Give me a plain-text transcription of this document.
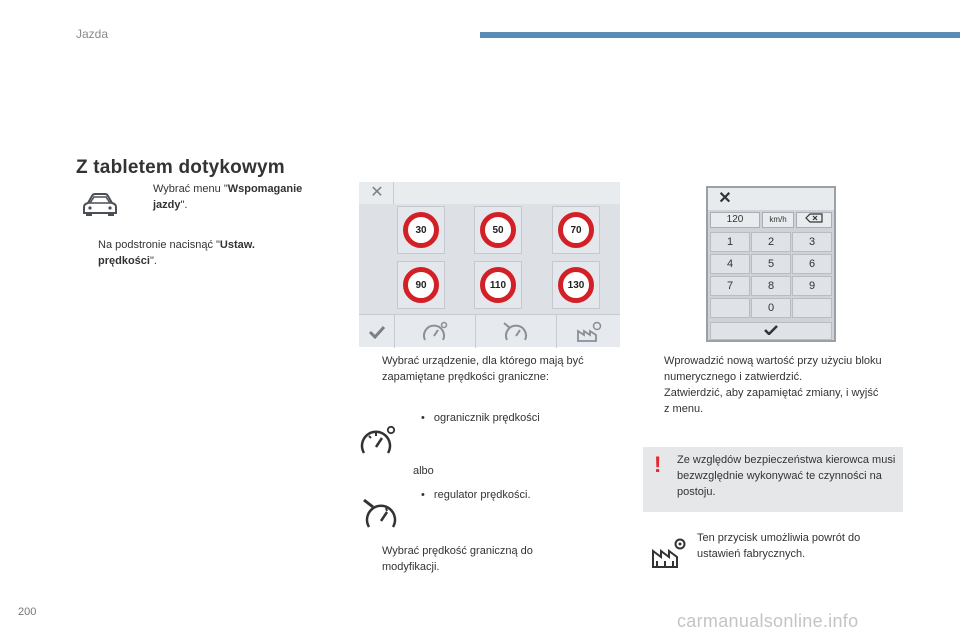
Jazda
Z tabletem dotykowym
Wybrać menu "Wspomaganie jazdy".
Na podstronie nacisnąć "Ustaw. prędkości".
✕
30	50	70
90	110	130
Wybrać urządzenie, dla którego mają być zapamiętane prędkości graniczne:
• ogranicznik prędkości
albo
• regulator prędkości.
Wybrać prędkość graniczną do modyfikacji.
✕
120	km/h
1	2	3
4	5	6
7	8	9
0
Wprowadzić nową wartość przy użyciu bloku numerycznego i zatwierdzić.
Zatwierdzić, aby zapamiętać zmiany, i wyjść z menu.
! Ze względów bezpieczeństwa kierowca musi bezwzględnie wykonywać te czynności na postoju.
Ten przycisk umożliwia powrót do ustawień fabrycznych.
200	carmanualsonline.info
